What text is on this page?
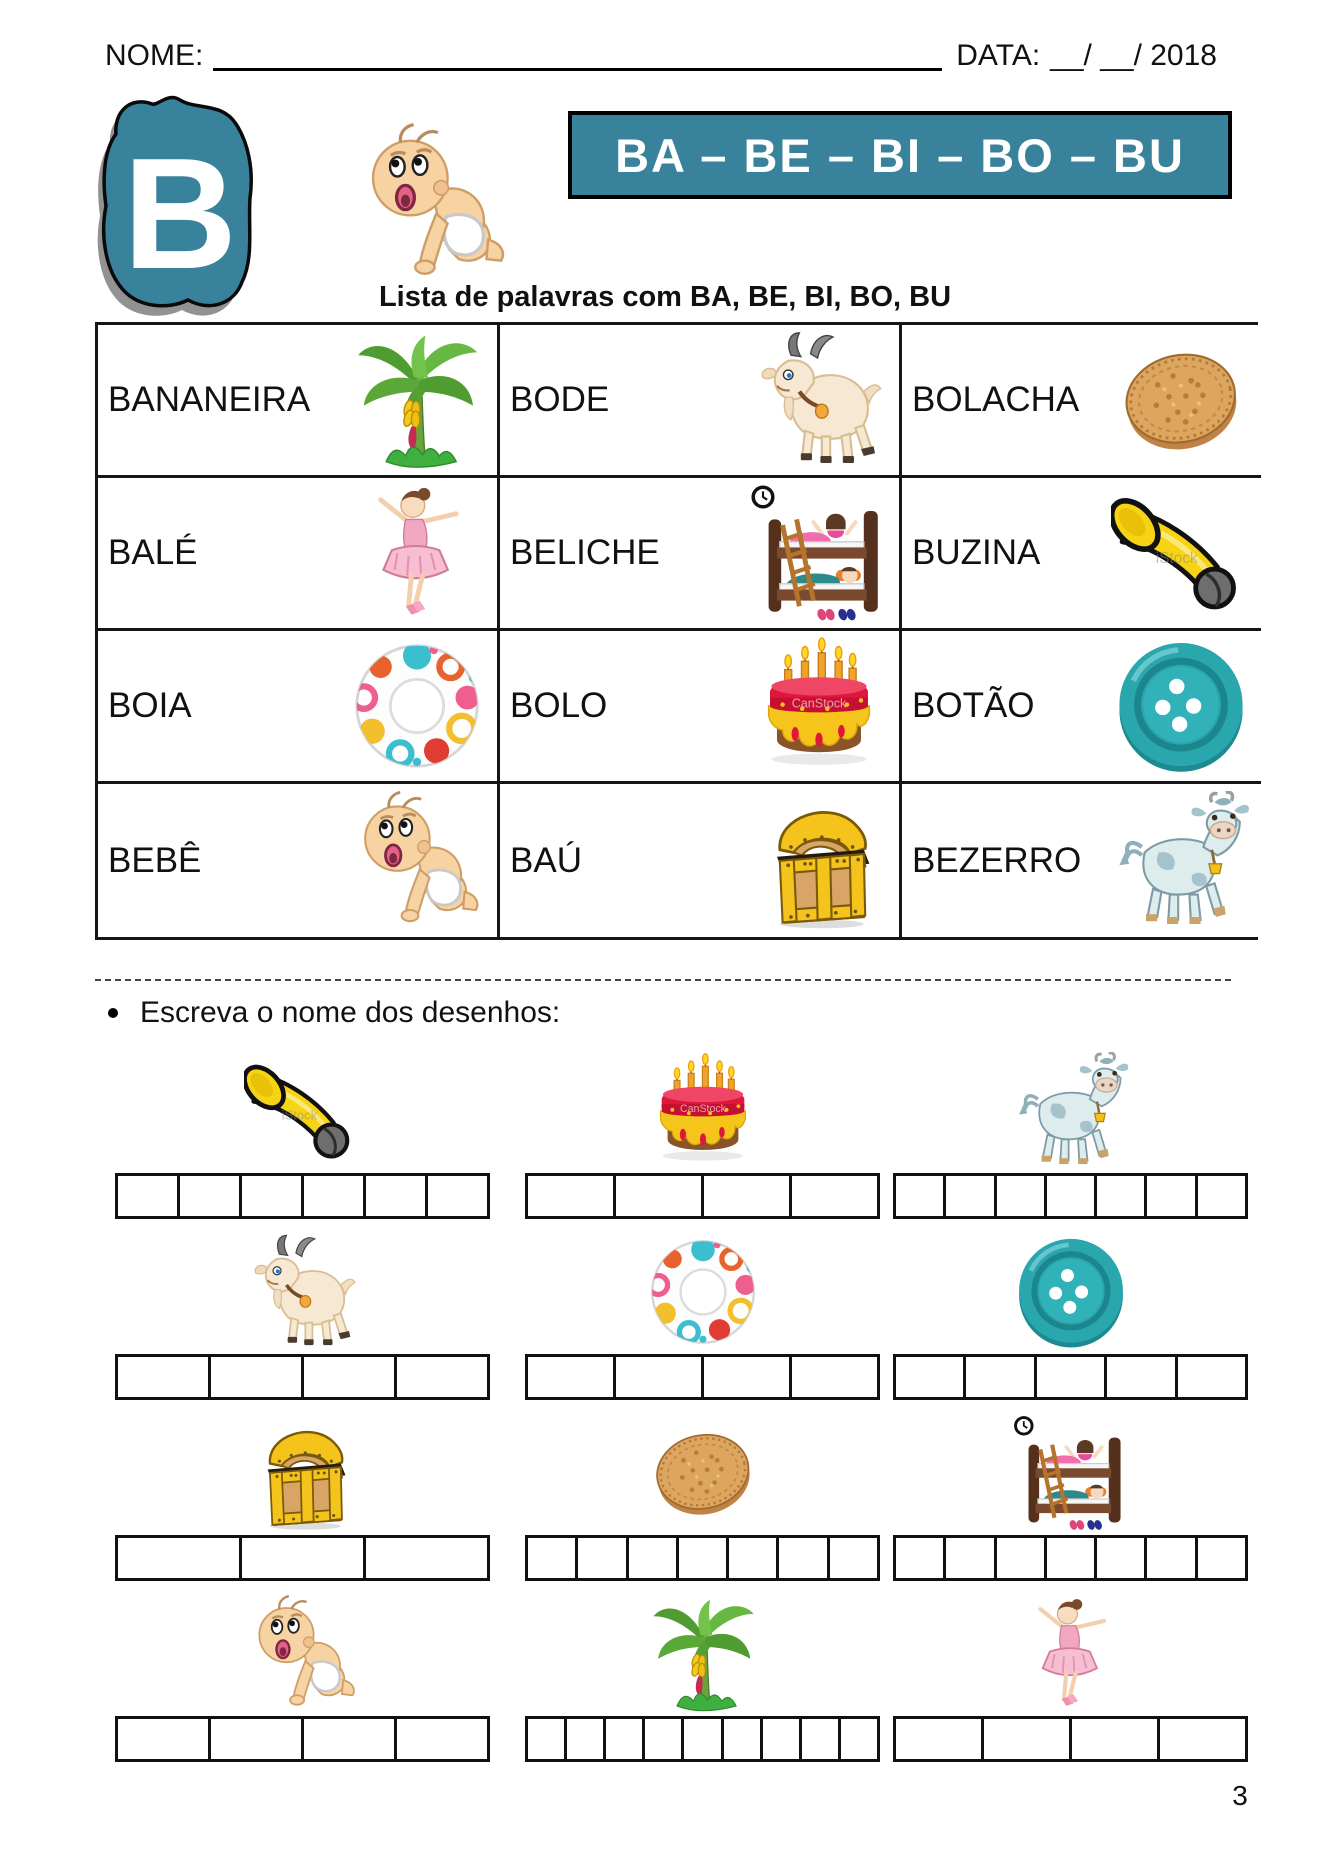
NOME:	DATA: __/ __/ 2018
B	BA – BE – BI – BO – BU
Lista de palavras com BA, BE, BI, BO, BU
BANANEIRA	BODE	BOLACHA
BALÉ	BELICHE	BUZINA
BOIA	BOLO	BOTÃO
BEBÊ	BAÚ	BEZERRO
Escreva o nome dos desenhos:
3
